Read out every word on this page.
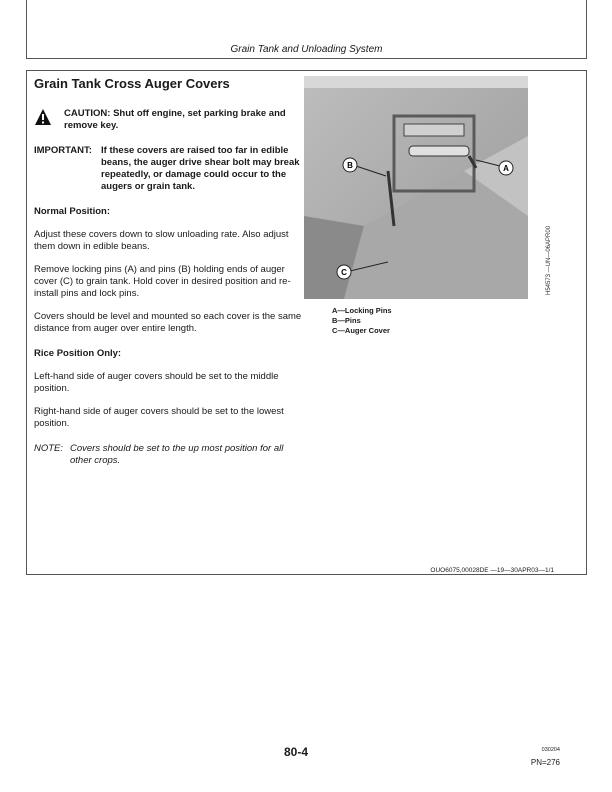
Grain Tank and Unloading System
Grain Tank Cross Auger Covers
CAUTION: Shut off engine, set parking brake and remove key.
IMPORTANT: If these covers are raised too far in edible beans, the auger drive shear bolt may break repeatedly, or damage could occur to the augers or grain tank.
Normal Position:
Adjust these covers down to slow unloading rate. Also adjust them down in edible beans.
Remove locking pins (A) and pins (B) holding ends of auger cover (C) to grain tank. Hold cover in desired position and re-install pins and lock pins.
Covers should be level and mounted so each cover is the same distance from auger over entire length.
Rice Position Only:
Left-hand side of auger covers should be set to the middle position.
Right-hand side of auger covers should be set to the lowest position.
NOTE: Covers should be set to the up most position for all other crops.
B	A
C	H54573 —UN—06APR00
A—Locking Pins
B—Pins
C—Auger Cover
OUO6075,00028DE —19—30APR03—1/1
80-4	030204
PN=276
